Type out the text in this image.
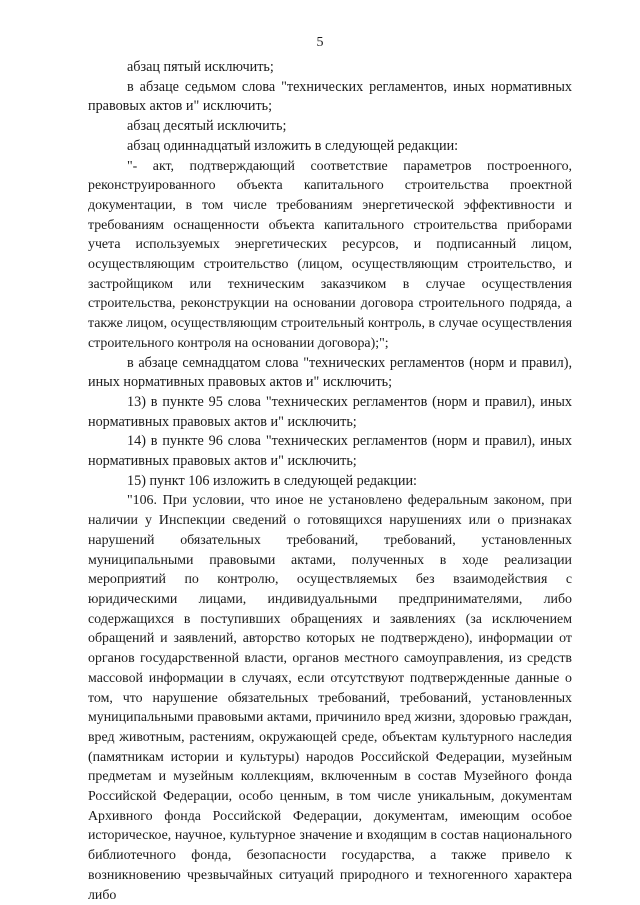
5

абзац пятый исключить;

в абзаце седьмом слова "технических регламентов, иных нормативных правовых актов и" исключить;

абзац десятый исключить;

абзац одиннадцатый изложить в следующей редакции:

"- акт, подтверждающий соответствие параметров построенного, реконструированного объекта капитального строительства проектной документации, в том числе требованиям энергетической эффективности и требованиям оснащенности объекта капитального строительства приборами учета используемых энергетических ресурсов, и подписанный лицом, осуществляющим строительство (лицом, осуществляющим строительство, и застройщиком или техническим заказчиком в случае осуществления строительства, реконструкции на основании договора строительного подряда, а также лицом, осуществляющим строительный контроль, в случае осуществления строительного контроля на основании договора);";

в абзаце семнадцатом слова "технических регламентов (норм и правил), иных нормативных правовых актов и" исключить;

13) в пункте 95 слова "технических регламентов (норм и правил), иных нормативных правовых актов и" исключить;

14) в пункте 96 слова "технических регламентов (норм и правил), иных нормативных правовых актов и" исключить;

15) пункт 106 изложить в следующей редакции:

"106. При условии, что иное не установлено федеральным законом, при наличии у Инспекции сведений о готовящихся нарушениях или о признаках нарушений обязательных требований, требований, установленных муниципальными правовыми актами, полученных в ходе реализации мероприятий по контролю, осуществляемых без взаимодействия с юридическими лицами, индивидуальными предпринимателями, либо содержащихся в поступивших обращениях и заявлениях (за исключением обращений и заявлений, авторство которых не подтверждено), информации от органов государственной власти, органов местного самоуправления, из средств массовой информации в случаях, если отсутствуют подтвержденные данные о том, что нарушение обязательных требований, требований, установленных муниципальными правовыми актами, причинило вред жизни, здоровью граждан, вред животным, растениям, окружающей среде, объектам культурного наследия (памятникам истории и культуры) народов Российской Федерации, музейным предметам и музейным коллекциям, включенным в состав Музейного фонда Российской Федерации, особо ценным, в том числе уникальным, документам Архивного фонда Российской Федерации, документам, имеющим особое историческое, научное, культурное значение и входящим в состав национального библиотечного фонда, безопасности государства, а также привело к возникновению чрезвычайных ситуаций природного и техногенного характера либо
